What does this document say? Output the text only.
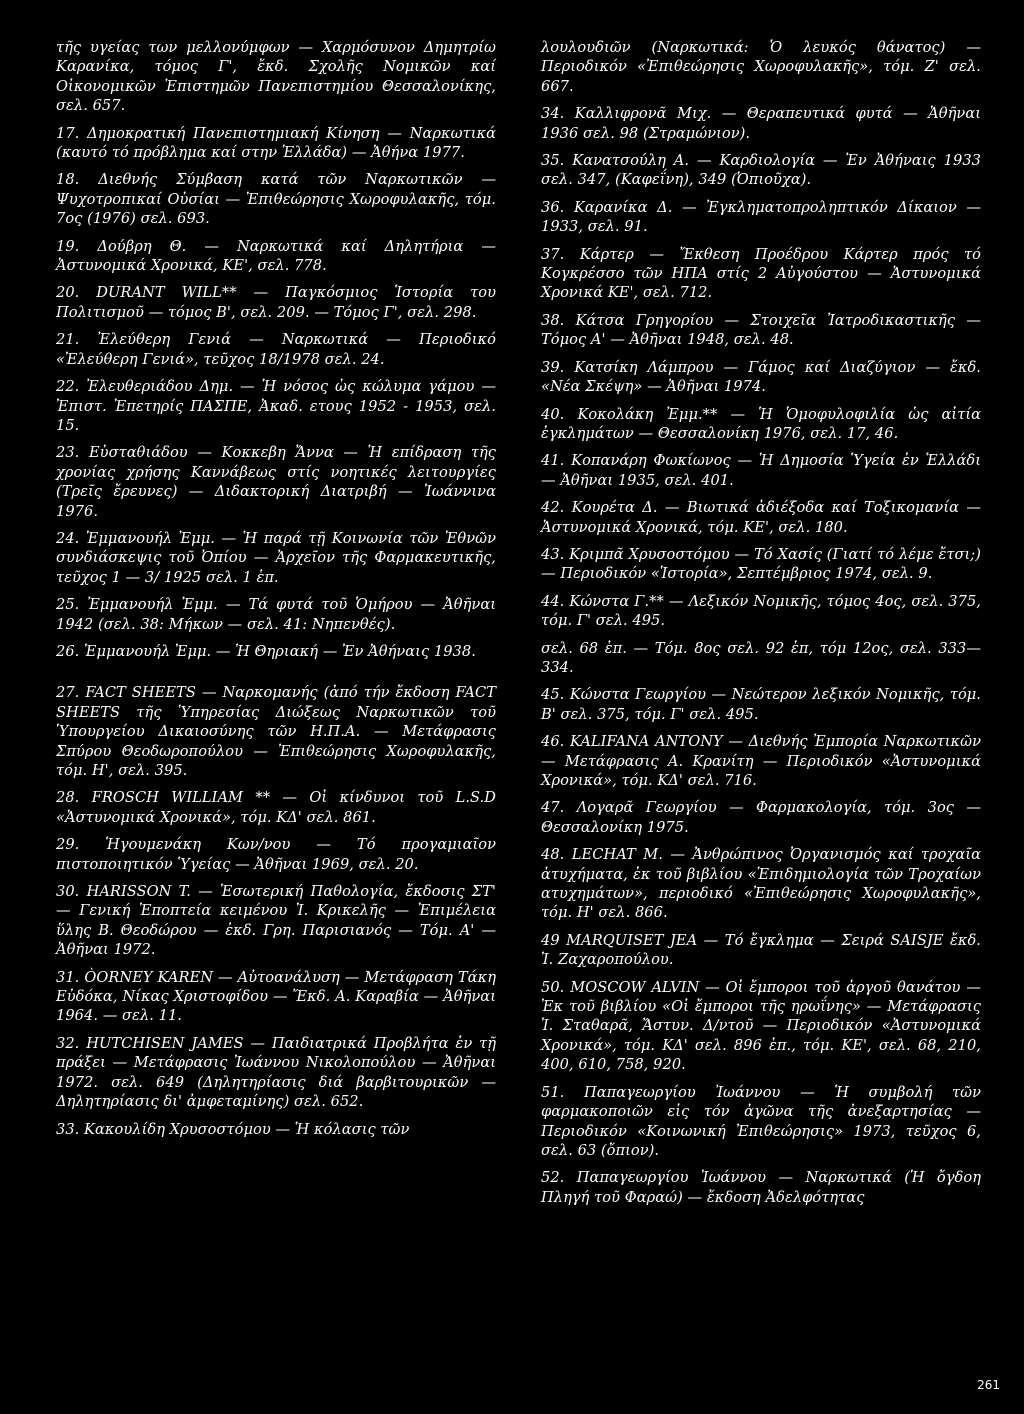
τῆς υγείας των μελλονύμφων — Χαρμόσυνον Δημητρίω Καρανίκα, τόμος Γ', ἔκδ. Σχολῆς Νομικῶν καί Οἰκονομικῶν Ἐπιστημῶν Πανεπιστημίου Θεσσαλονίκης, σελ. 657.

17. Δημοκρατική Πανεπιστημιακή Κίνηση — Ναρκωτικά (καυτό τό πρόβλημα καί στην Ἑλλάδα) — Ἀθήνα 1977.

18. Διεθνής Σύμβαση κατά τῶν Ναρκωτικῶν — Ψυχοτροπικαί Οὐσίαι — Ἐπιθεώρησις Χωροφυλακῆς, τόμ. 7ος (1976) σελ. 693.

19. Δούβρη Θ. — Ναρκωτικά καί Δηλητήρια — Ἀστυνομικά Χρονικά, ΚΕ', σελ. 778.

20. DURANT WILL** — Παγκόσμιος Ἱστορία του Πολιτισμοῦ — τόμος Β', σελ. 209. — Τόμος Γ', σελ. 298.

21. Ἐλεύθερη Γενιά — Ναρκωτικά — Περιοδικό «Ἐλεύθερη Γενιά», τεῦχος 18/1978 σελ. 24.

22. Ἐλευθεριάδου Δημ. — Ἡ νόσος ὡς κώλυμα γάμου — Ἐπιστ. Ἐπετηρίς ΠΑΣΠΕ, Ἀκαδ. ετους 1952 - 1953, σελ. 15.

23. Εὐσταθιάδου — Κοκκεβη Ἄννα — Ἡ επίδραση τῆς χρονίας χρήσης Καννάβεως στίς νοητικές λειτουργίες (Τρεῖς ἔρευνες) — Διδακτορική Διατριβή — Ἰωάννινα 1976.

24. Ἐμμανουήλ Ἐμμ. — Ἡ παρά τῇ Κοινωνία τῶν Ἐθνῶν συνδιάσκεψις τοῦ Ὀπίου — Ἀρχεῖον τῆς Φαρμακευτικῆς, τεῦχος 1 — 3/ 1925 σελ. 1 ἑπ.

25. Ἐμμανουήλ Ἐμμ. — Τά φυτά τοῦ Ὁμήρου — Ἀθῆναι 1942 (σελ. 38: Μήκων — σελ. 41: Νηπενθές).

26. Ἐμμανουήλ Ἐμμ. — Ἡ Θηριακή — Ἐν Ἀθήναις 1938.

27. FACT SHEETS — Ναρκομανής (ἀπό τήν ἔκδοση FACT SHEETS τῆς Ὑπηρεσίας Διώξεως Ναρκωτικῶν τοῦ Ὑπουργείου Δικαιοσύνης τῶν Η.Π.Α. — Μετάφρασις Σπύρου Θεοδωροπούλου — Ἐπιθεώρησις Χωροφυλακῆς, τόμ. Η', σελ. 395.

28. FROSCH WILLIAM ** — Οἱ κίνδυνοι τοῦ L.S.D «Ἀστυνομικά Χρονικά», τόμ. ΚΔ' σελ. 861.

29. Ἡγουμενάκη Κων/νου — Τό προγαμιαῖον πιστοποιητικόν Ὑγείας — Ἀθῆναι 1969, σελ. 20.

30. HARISSON T. — Ἐσωτερική Παθολογία, ἔκδοσις ΣΤ' — Γενική Ἐποπτεία κειμένου Ἰ. Κρικελῆς — Ἐπιμέλεια ὕλης Β. Θεοδώρου — ἐκδ. Γρη. Παρισιανός — Τόμ. Α' — Ἀθῆναι 1972.

31. ÒORNEY KAREN — Αὐτοανάλυση — Μετάφραση Τάκη Εὐδόκα, Νίκας Χριστοφίδου — Ἔκδ. Α. Καραβία — Ἀθῆναι 1964. — σελ. 11.

32. HUTCHISEN JAMES — Παιδιατρικά Προβλήτα ἐν τῇ πράξει — Μετάφρασις Ἰωάννου Νικολοπούλου — Ἀθῆναι 1972. σελ. 649 (Δηλητηρίασις διά βαρβιτουρικῶν — Δηλητηρίασις δι' ἀμφεταμίνης) σελ. 652.

33. Κακουλίδη Χρυσοστόμου — Ἡ κόλασις τῶν

λουλουδιῶν (Ναρκωτικά: Ὁ λευκός θάνατος) — Περιοδικόν «Ἐπιθεώρησις Χωροφυλακῆς», τόμ. Ζ' σελ. 667.

34. Καλλιφρονᾶ Μιχ. — Θεραπευτικά φυτά — Ἀθῆναι 1936 σελ. 98 (Στραμώνιον).

35. Κανατσούλη Α. — Καρδιολογία — Ἐν Ἀθήναις 1933 σελ. 347, (Καφεΐνη), 349 (Ὀπιοῦχα).

36. Καρανίκα Δ. — Ἐγκληματοπροληπτικόν Δίκαιον — 1933, σελ. 91.

37. Κάρτερ — Ἔκθεση Προέδρου Κάρτερ πρός τό Κογκρέσσο τῶν ΗΠΑ στίς 2 Αὐγούστου — Ἀστυνομικά Χρονικά ΚΕ', σελ. 712.

38. Κάτσα Γρηγορίου — Στοιχεῖα Ἰατροδικαστικῆς — Τόμος Α' — Ἀθῆναι 1948, σελ. 48.

39. Κατσίκη Λάμπρου — Γάμος καί Διαζύγιον — ἔκδ. «Νέα Σκέψη» — Ἀθῆναι 1974.

40. Κοκολάκη Ἐμμ.** — Ἡ Ὁμοφυλοφιλία ὡς αἰτία ἐγκλημάτων — Θεσσαλονίκη 1976, σελ. 17, 46.

41. Κοπανάρη Φωκίωνος — Ἡ Δημοσία Ὑγεία ἐν Ἑλλάδι — Ἀθῆναι 1935, σελ. 401.

42. Κουρέτα Δ. — Βιωτικά ἀδιέξοδα καί Τοξικομανία — Ἀστυνομικά Χρονικά, τόμ. ΚΕ', σελ. 180.

43. Κριμπᾶ Χρυσοστόμου — Τό Χασίς (Γιατί τό λέμε ἔτσι;) — Περιοδικόν «Ἱστορία», Σεπτέμβριος 1974, σελ. 9.

44. Κώνστα Γ.** — Λεξικόν Νομικῆς, τόμος 4ος, σελ. 375, τόμ. Γ' σελ. 495.

σελ. 68 ἑπ. — Τόμ. 8ος σελ. 92 ἑπ, τόμ 12ος, σελ. 333—334.

45. Κώνστα Γεωργίου — Νεώτερον λεξικόν Νομικῆς, τόμ. Β' σελ. 375, τόμ. Γ' σελ. 495.

46. KALIFANA ANTONY — Διεθνής Ἐμπορία Ναρκωτικῶν — Μετάφρασις Α. Κρανίτη — Περιοδικόν «Ἀστυνομικά Χρονικά», τόμ. ΚΔ' σελ. 716.

47. Λογαρᾶ Γεωργίου — Φαρμακολογία, τόμ. 3ος — Θεσσαλονίκη 1975.

48. LECHAT M. — Ἀνθρώπινος Ὀργανισμός καί τροχαῖα ἀτυχήματα, ἐκ τοῦ βιβλίου «Ἐπιδημιολογία τῶν Τροχαίων ατυχημάτων», περιοδικό «Ἐπιθεώρησις Χωροφυλακῆς», τόμ. Η' σελ. 866.

49 MARQUISET JEA — Τό ἔγκλημα — Σειρά SAISJE ἔκδ. Ἰ. Ζαχαροπούλου.

50. MOSCOW ALVIN — Οἱ ἔμποροι τοῦ ἀργοῦ θανάτου — Ἐκ τοῦ βιβλίου «Οἱ ἔμποροι τῆς ηρωΐνης» — Μετάφρασις Ἰ. Σταθαρᾶ, Ἄστυν. Δ/ντοῦ — Περιοδικόν «Ἀστυνομικά Χρονικά», τόμ. ΚΔ' σελ. 896 ἑπ., τόμ. ΚΕ', σελ. 68, 210, 400, 610, 758, 920.

51. Παπαγεωργίου Ἰωάννου — Ἡ συμβολή τῶν φαρμακοποιῶν εἰς τόν ἀγῶνα τῆς ἀνεξαρτησίας — Περιοδικόν «Κοινωνική Ἐπιθεώρησις» 1973, τεῦχος 6, σελ. 63 (ὄπιον).

52. Παπαγεωργίου Ἰωάννου — Ναρκωτικά (Ἡ ὄγδοη Πληγή τοῦ Φαραώ) — ἔκδοση Ἀδελφότητας

261
